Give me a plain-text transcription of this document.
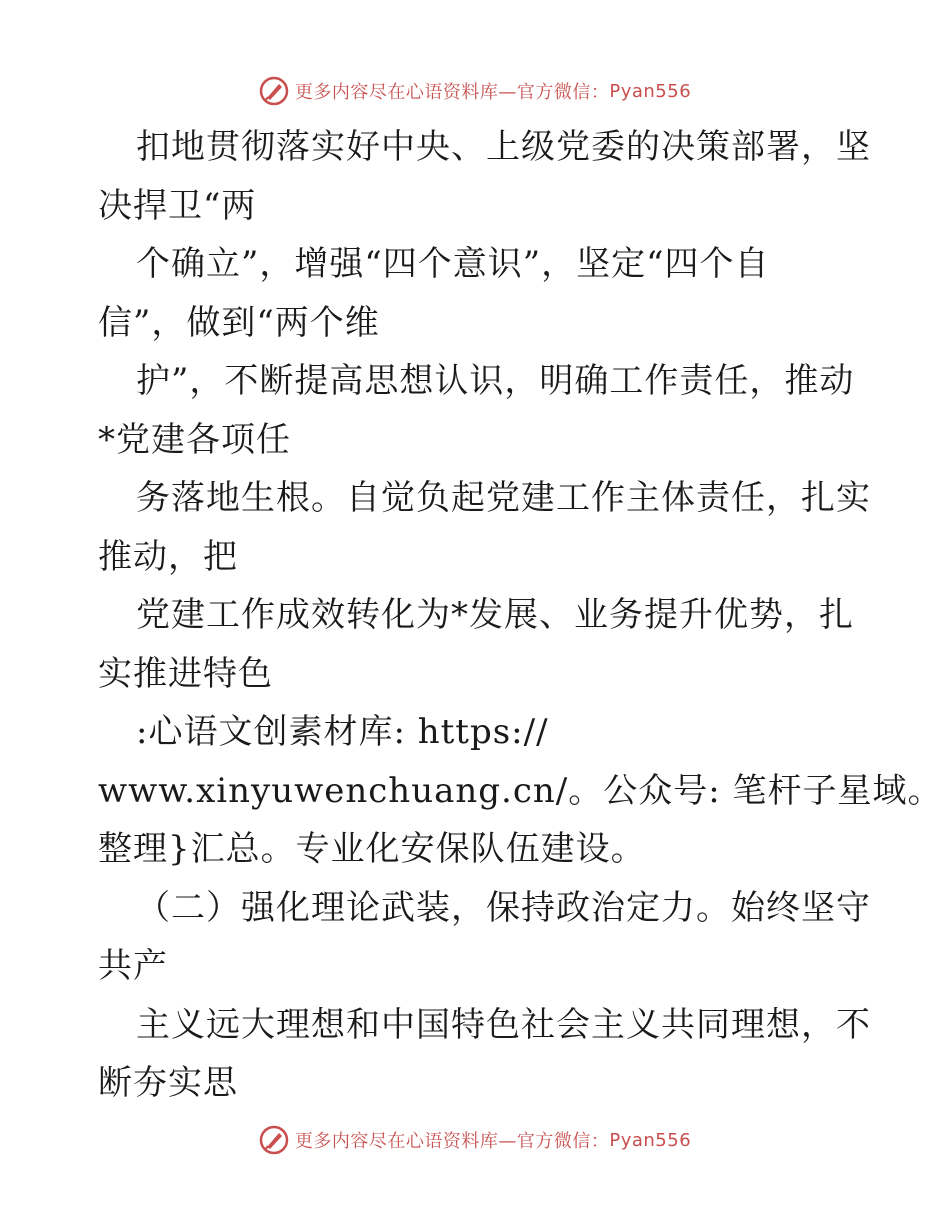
更多内容尽在心语资料库—官方微信： Pyan556
扣地贯彻落实好中央、上级党委的决策部署，坚
决捍卫“两
个确立”，增强“四个意识”，坚定“四个自
信”，做到“两个维
护”，不断提高思想认识，明确工作责任，推动
*党建各项任
务落地生根。自觉负起党建工作主体责任，扎实
推动，把
党建工作成效转化为*发展、业务提升优势，扎
实推进特色
:心语文创素材库: https://
www.xinyuwenchuang.cn/。公众号: 笔杆子星域。
整理}汇总。专业化安保队伍建设。
（二）强化理论武装，保持政治定力。始终坚守
共产
主义远大理想和中国特色社会主义共同理想，不
断夯实思
更多内容尽在心语资料库—官方微信： Pyan556
